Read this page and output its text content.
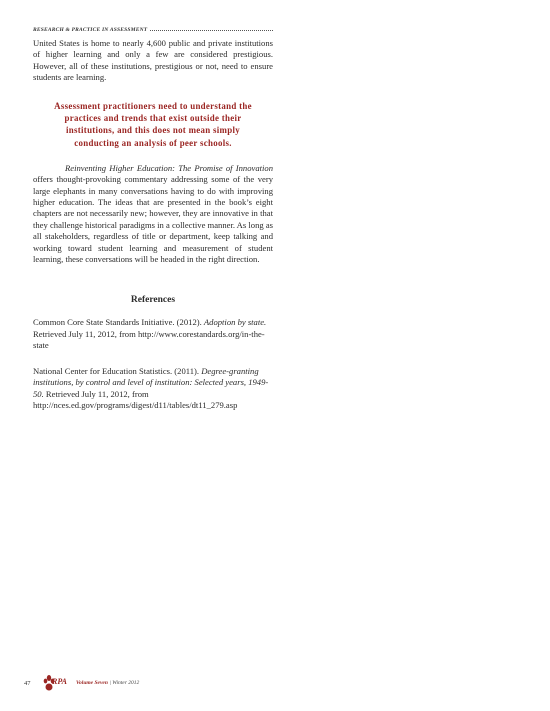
RESEARCH & PRACTICE IN ASSESSMENT

United States is home to nearly 4,600 public and private institutions of higher learning and only a few are considered prestigious. However, all of these institutions, prestigious or not, need to ensure students are learning.

Assessment practitioners need to understand the practices and trends that exist outside their institutions, and this does not mean simply conducting an analysis of peer schools.

Reinventing Higher Education: The Promise of Innovation offers thought-provoking commentary addressing some of the very large elephants in many conversations having to do with improving higher education. The ideas that are presented in the book’s eight chapters are not necessarily new; however, they are innovative in that they challenge historical paradigms in a collective manner. As long as all stakeholders, regardless of title or department, keep talking and working toward student learning and measurement of student learning, these conversations will be headed in the right direction.

References

Common Core State Standards Initiative. (2012). Adoption by state. Retrieved July 11, 2012, from http://www.corestandards.org/in-the-state

National Center for Education Statistics. (2011). Degree-granting institutions, by control and level of institution: Selected years, 1949-50. Retrieved July 11, 2012, from http://nces.ed.gov/programs/digest/d11/tables/dt11_279.asp

47	RPA Volume Seven | Winter 2012
